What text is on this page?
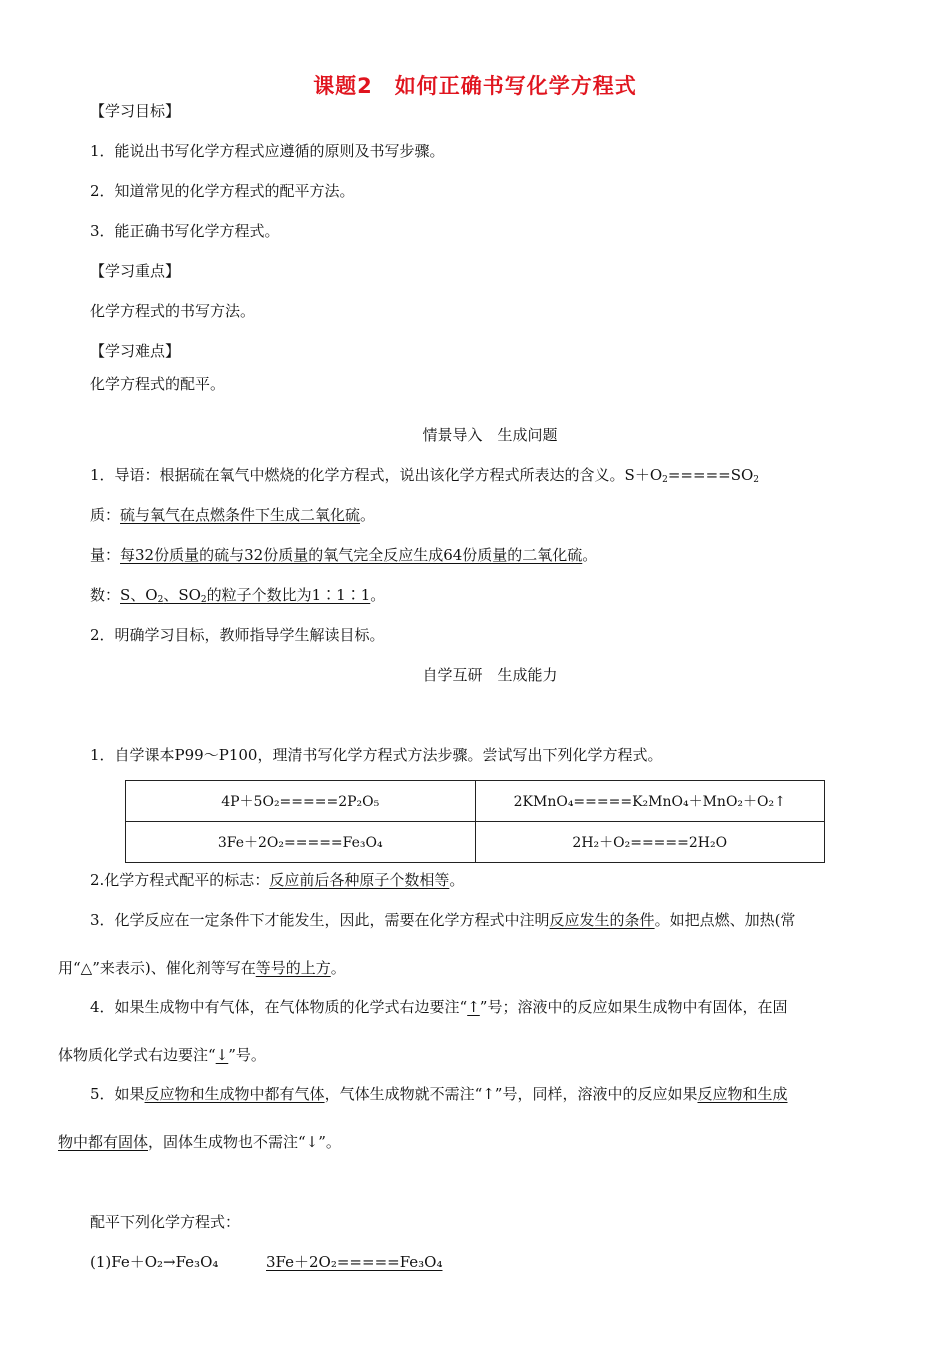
课题2　如何正确书写化学方程式
【学习目标】
1．能说出书写化学方程式应遵循的原则及书写步骤。
2．知道常见的化学方程式的配平方法。
3．能正确书写化学方程式。
【学习重点】
化学方程式的书写方法。
【学习难点】
化学方程式的配平。
情景导入　生成问题
1．导语：根据硫在氧气中燃烧的化学方程式，说出该化学方程式所表达的含义。$S+O_2=====SO_2$
质：硫与氧气在点燃条件下生成二氧化硫。
量：每32份质量的硫与32份质量的氧气完全反应生成64份质量的二氧化硫。
数：S、$O_2$、$SO_2$的粒子个数比为1∶1∶1。
2．明确学习目标，教师指导学生解读目标。
自学互研　生成能力
1．自学课本P99～P100，理清书写化学方程式方法步骤。尝试写出下列化学方程式。
4P＋5O₂=====2P₂O₅	2KMnO₄=====K₂MnO₄＋MnO₂＋O₂↑
3Fe＋2O₂=====Fe₃O₄	2H₂＋O₂=====2H₂O
2.化学方程式配平的标志：反应前后各种原子个数相等。
3．化学反应在一定条件下才能发生，因此，需要在化学方程式中注明反应发生的条件。如把点燃、加热(常
用“△”来表示)、催化剂等写在等号的上方。
4．如果生成物中有气体，在气体物质的化学式右边要注“↑”号；溶液中的反应如果生成物中有固体，在固
体物质化学式右边要注“↓”号。
5．如果反应物和生成物中都有气体，气体生成物就不需注“↑”号，同样，溶液中的反应如果反应物和生成
物中都有固体，固体生成物也不需注“↓”。
配平下列化学方程式：
(1)Fe＋O₂→Fe₃O₄	3Fe＋2O₂=====Fe₃O₄
